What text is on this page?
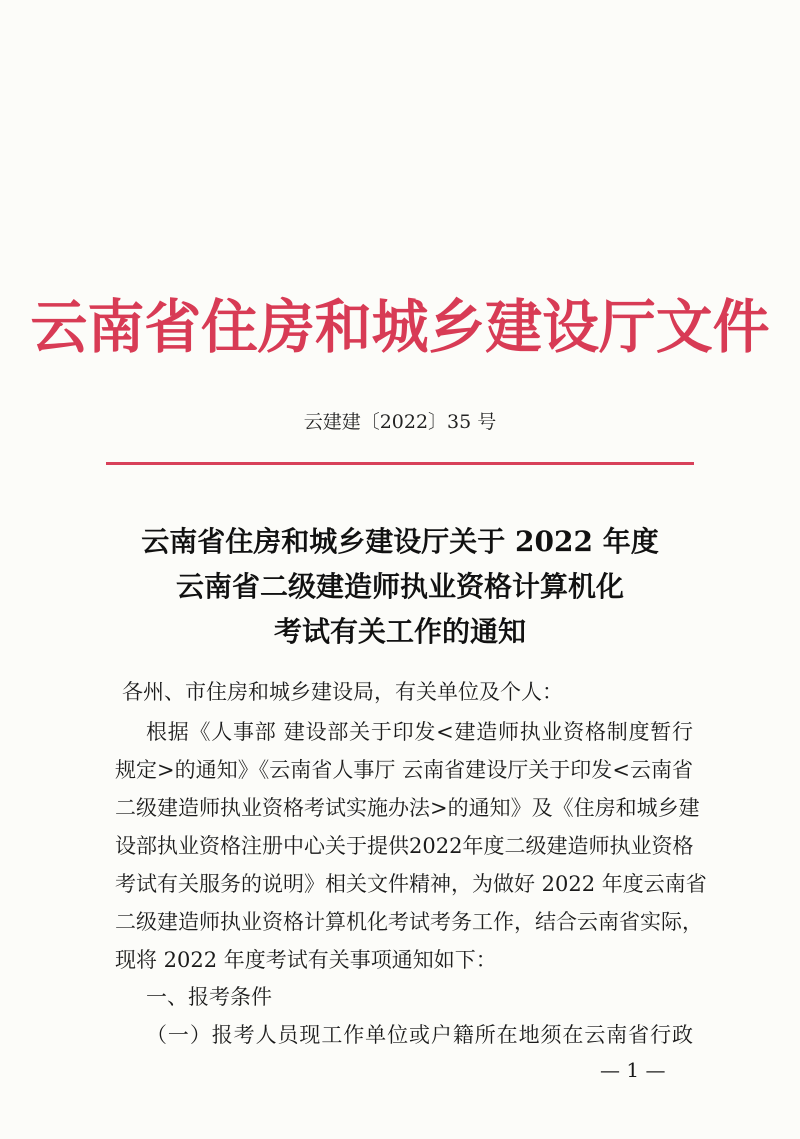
云南省住房和城乡建设厅文件
云建建〔2022〕35 号
云南省住房和城乡建设厅关于 2022 年度
云南省二级建造师执业资格计算机化
考试有关工作的通知
各州、市住房和城乡建设局，有关单位及个人：
根据《人事部 建设部关于印发<建造师执业资格制度暂行
规定>的通知》《云南省人事厅 云南省建设厅关于印发<云南省
二级建造师执业资格考试实施办法>的通知》及《住房和城乡建
设部执业资格注册中心关于提供2022年度二级建造师执业资格
考试有关服务的说明》相关文件精神，为做好 2022 年度云南省
二级建造师执业资格计算机化考试考务工作，结合云南省实际，
现将 2022 年度考试有关事项通知如下：
一、报考条件
（一）报考人员现工作单位或户籍所在地须在云南省行政
— 1 —
